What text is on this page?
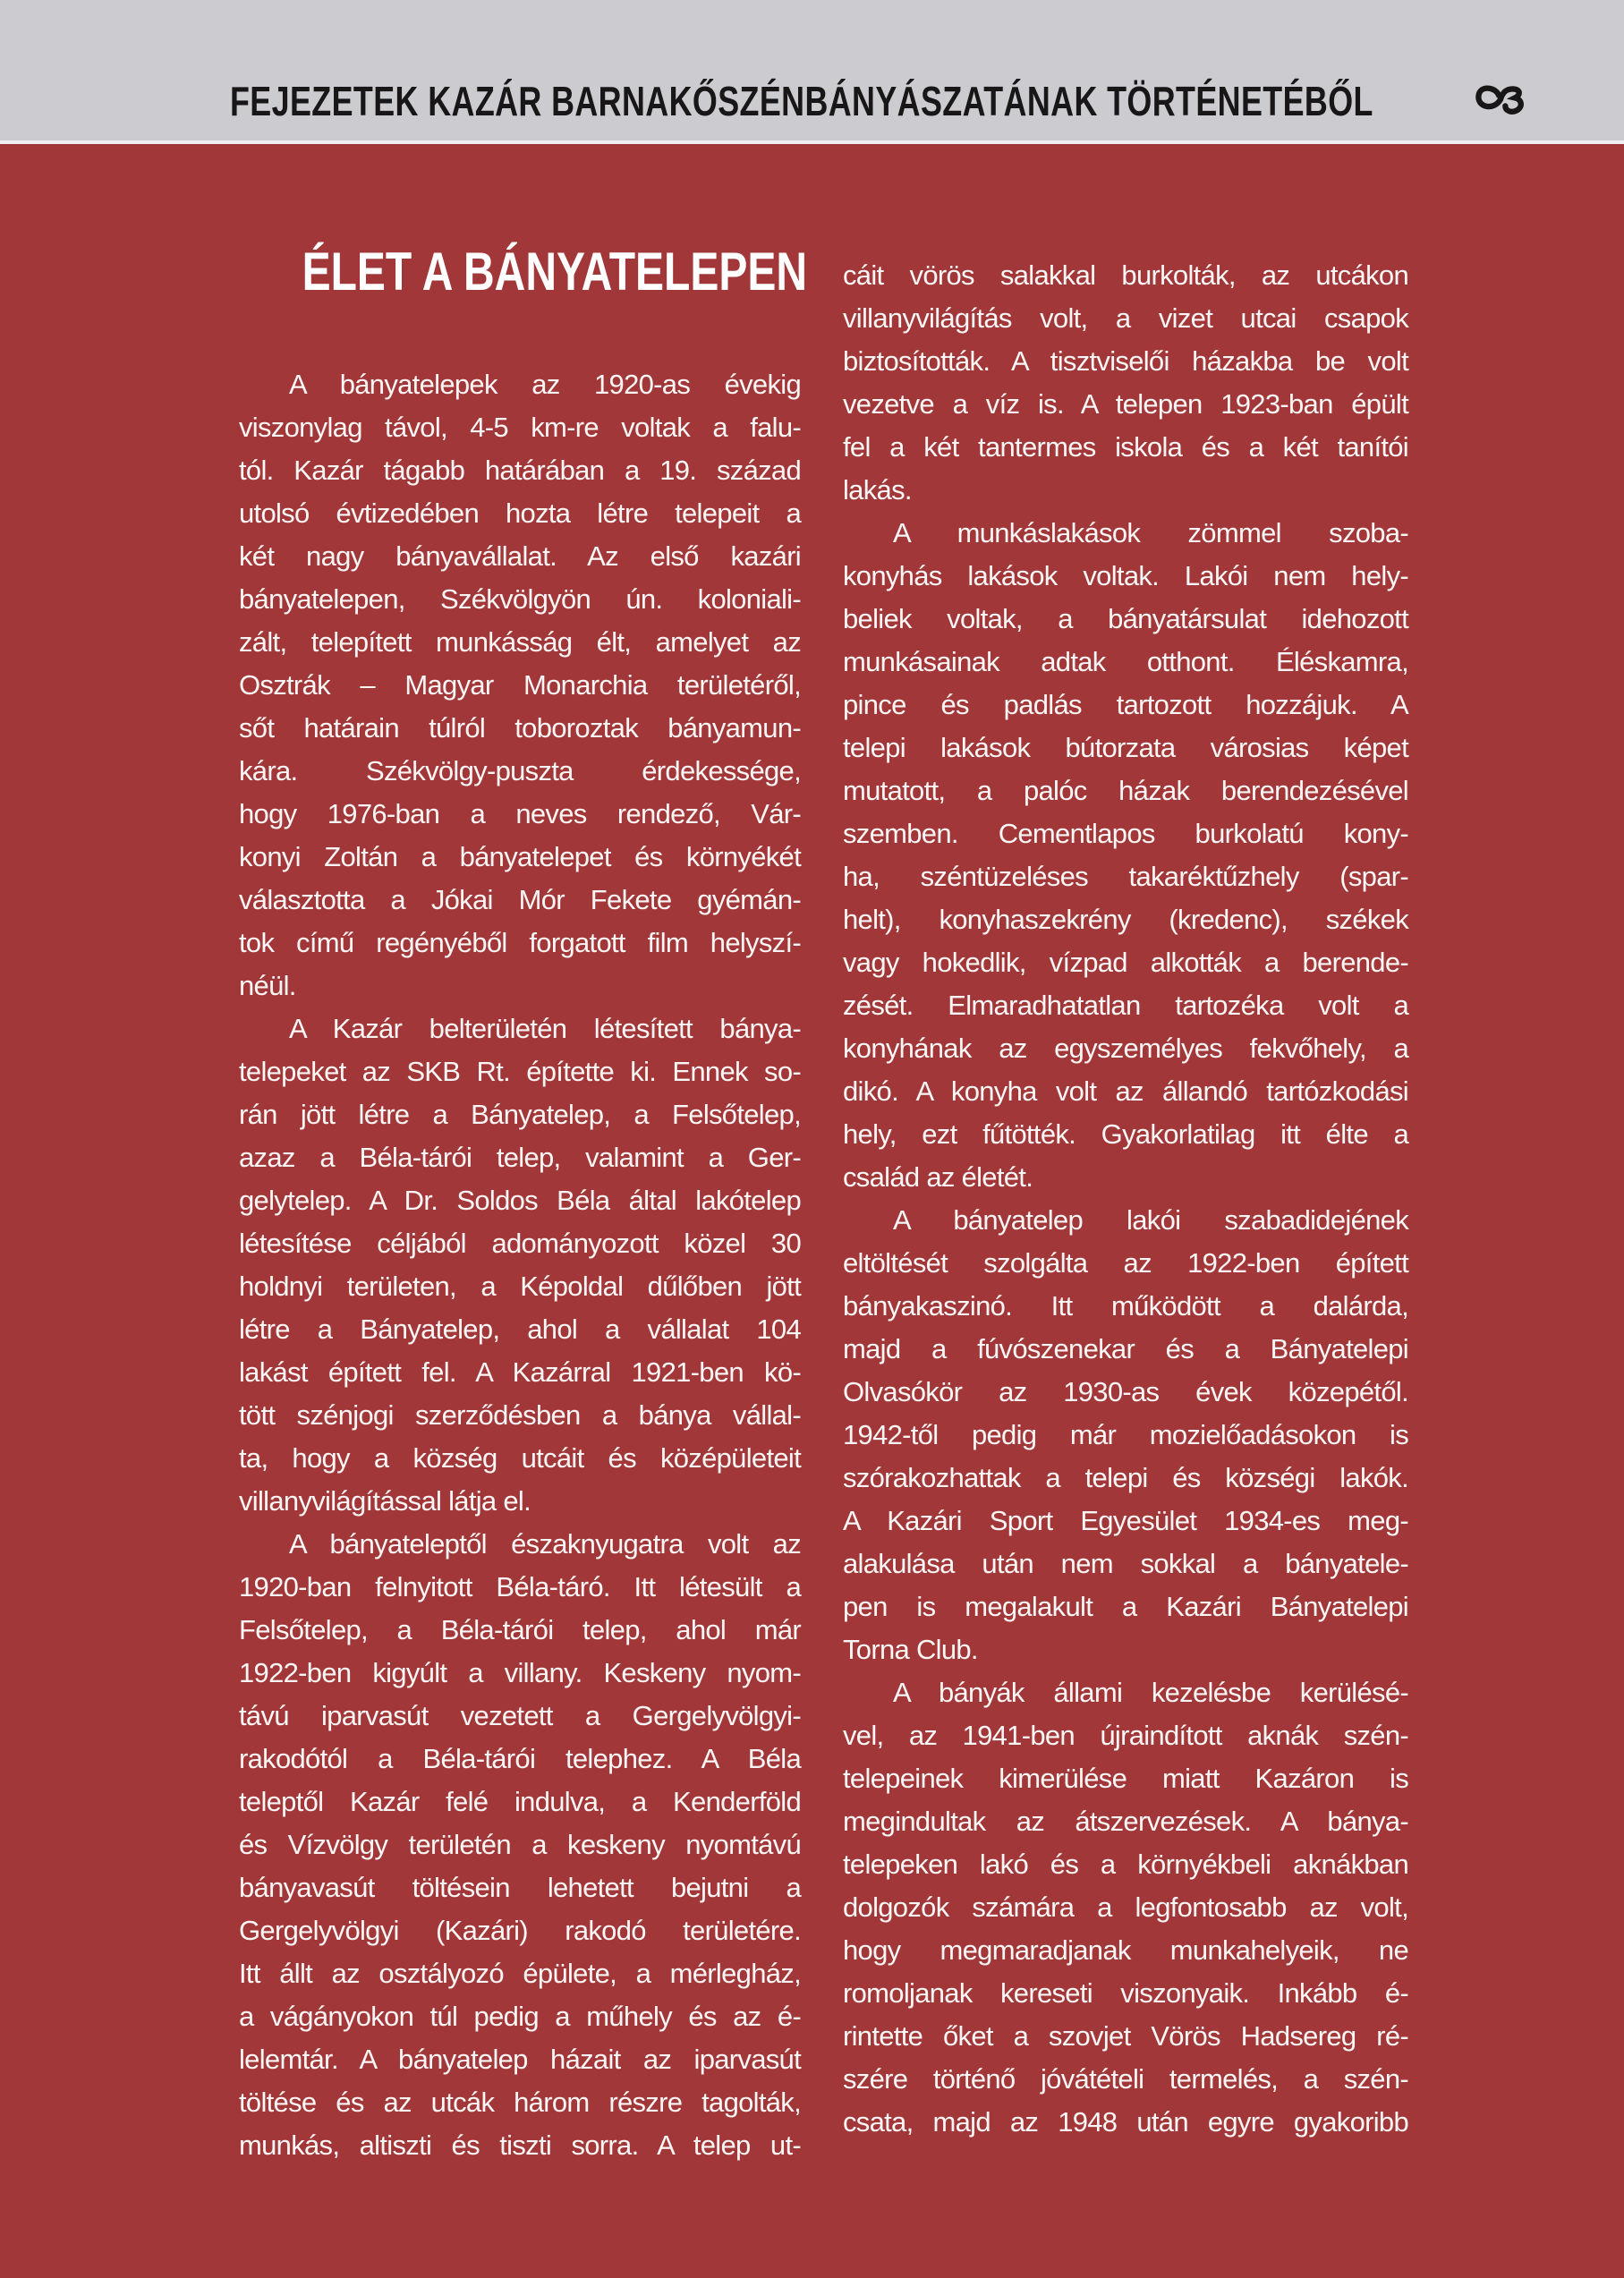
FEJEZETEK KAZÁR BARNAKŐSZÉNBÁNYÁSZATÁNAK TÖRTÉNETÉBŐL
ÉLET A BÁNYATELEPEN
A bányatelepek az 1920-as évekig
viszonylag távol, 4-5 km-re voltak a falu-
tól. Kazár tágabb határában a 19. század
utolsó évtizedében hozta létre telepeit a
két nagy bányavállalat. Az első kazári
bányatelepen, Székvölgyön ún. koloniali-
zált, telepített munkásság élt, amelyet az
Osztrák – Magyar Monarchia területéről,
sőt határain túlról toboroztak bányamun-
kára. Székvölgy-puszta érdekessége,
hogy 1976-ban a neves rendező, Vár-
konyi Zoltán a bányatelepet és környékét
választotta a Jókai Mór Fekete gyémán-
tok című regényéből forgatott film helyszí-
néül.
A Kazár belterületén létesített bánya-
telepeket az SKB Rt. építette ki. Ennek so-
rán jött létre a Bányatelep, a Felsőtelep,
azaz a Béla-tárói telep, valamint a Ger-
gelytelep. A Dr. Soldos Béla által lakótelep
létesítése céljából adományozott közel 30
holdnyi területen, a Képoldal dűlőben jött
létre a Bányatelep, ahol a vállalat 104
lakást épített fel. A Kazárral 1921-ben kö-
tött szénjogi szerződésben a bánya vállal-
ta, hogy a község utcáit és középületeit
villanyvilágítással látja el.
A bányateleptől északnyugatra volt az
1920-ban felnyitott Béla-táró. Itt létesült a
Felsőtelep, a Béla-tárói telep, ahol már
1922-ben kigyúlt a villany. Keskeny nyom-
távú iparvasút vezetett a Gergelyvölgyi-
rakodótól a Béla-tárói telephez. A Béla
teleptől Kazár felé indulva, a Kenderföld
és Vízvölgy területén a keskeny nyomtávú
bányavasút töltésein lehetett bejutni a
Gergelyvölgyi (Kazári) rakodó területére.
Itt állt az osztályozó épülete, a mérlegház,
a vágányokon túl pedig a műhely és az é-
lelemtár. A bányatelep házait az iparvasút
töltése és az utcák három részre tagolták,
munkás, altiszti és tiszti sorra. A telep ut-
cáit vörös salakkal burkolták, az utcákon
villanyvilágítás volt, a vizet utcai csapok
biztosították. A tisztviselői házakba be volt
vezetve a víz is. A telepen 1923-ban épült
fel a két tantermes iskola és a két tanítói
lakás.
A munkáslakások zömmel szoba-
konyhás lakások voltak. Lakói nem hely-
beliek voltak, a bányatársulat idehozott
munkásainak adtak otthont. Éléskamra,
pince és padlás tartozott hozzájuk. A
telepi lakások bútorzata városias képet
mutatott, a palóc házak berendezésével
szemben. Cementlapos burkolatú kony-
ha, széntüzeléses takaréktűzhely (spar-
helt), konyhaszekrény (kredenc), székek
vagy hokedlik, vízpad alkották a berende-
zését. Elmaradhatatlan tartozéka volt a
konyhának az egyszemélyes fekvőhely, a
dikó. A konyha volt az állandó tartózkodási
hely, ezt fűtötték. Gyakorlatilag itt élte a
család az életét.
A bányatelep lakói szabadidejének
eltöltését szolgálta az 1922-ben épített
bányakaszinó. Itt működött a dalárda,
majd a fúvószenekar és a Bányatelepi
Olvasókör az 1930-as évek közepétől.
1942-től pedig már mozielőadásokon is
szórakozhattak a telepi és községi lakók.
A Kazári Sport Egyesület 1934-es meg-
alakulása után nem sokkal a bányatele-
pen is megalakult a Kazári Bányatelepi
Torna Club.
A bányák állami kezelésbe kerülésé-
vel, az 1941-ben újraindított aknák szén-
telepeinek kimerülése miatt Kazáron is
megindultak az átszervezések. A bánya-
telepeken lakó és a környékbeli aknákban
dolgozók számára a legfontosabb az volt,
hogy megmaradjanak munkahelyeik, ne
romoljanak kereseti viszonyaik. Inkább é-
rintette őket a szovjet Vörös Hadsereg ré-
szére történő jóvátételi termelés, a szén-
csata, majd az 1948 után egyre gyakoribb
